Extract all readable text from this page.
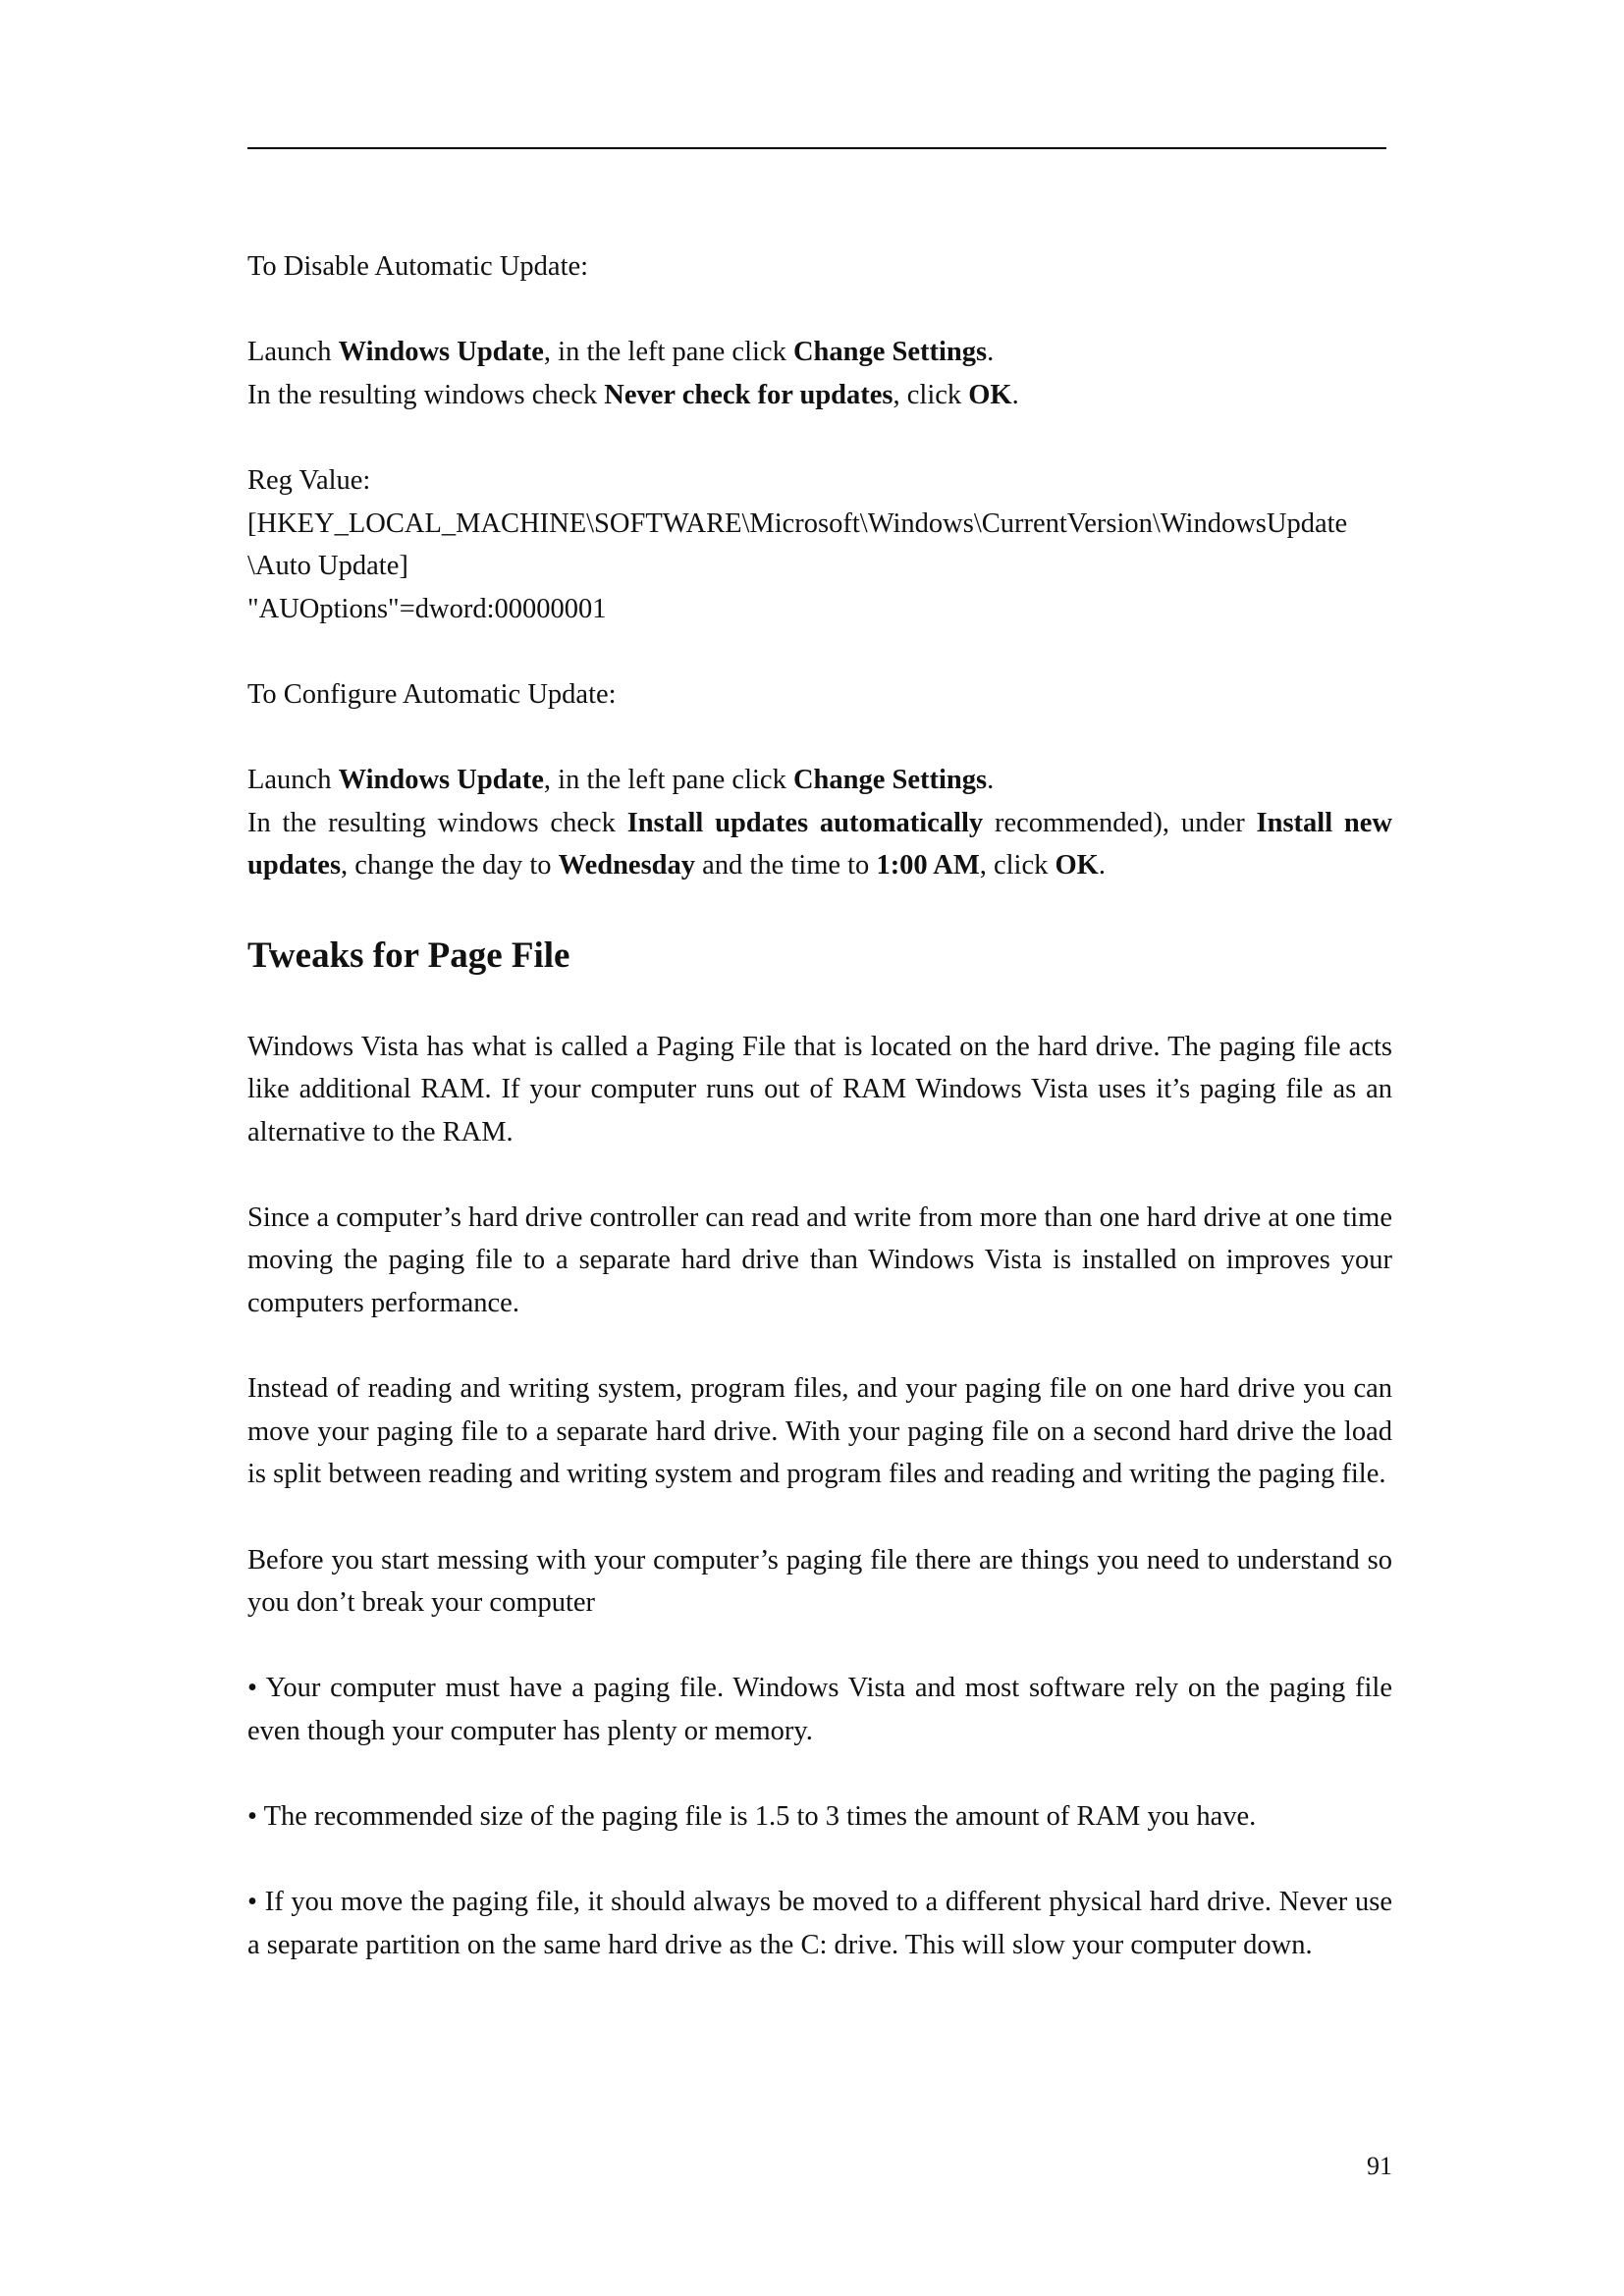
To Disable Automatic Update:

Launch Windows Update, in the left pane click Change Settings.
In the resulting windows check Never check for updates, click OK.

Reg Value:
[HKEY_LOCAL_MACHINE\SOFTWARE\Microsoft\Windows\CurrentVersion\WindowsUpdate
\Auto Update]
"AUOptions"=dword:00000001

To Configure Automatic Update:

Launch Windows Update, in the left pane click Change Settings.
In the resulting windows check Install updates automatically recommended), under Install new updates, change the day to Wednesday and the time to 1:00 AM, click OK.

Tweaks for Page File

Windows Vista has what is called a Paging File that is located on the hard drive. The paging file acts like additional RAM. If your computer runs out of RAM Windows Vista uses it’s paging file as an alternative to the RAM.

Since a computer’s hard drive controller can read and write from more than one hard drive at one time moving the paging file to a separate hard drive than Windows Vista is installed on improves your computers performance.

Instead of reading and writing system, program files, and your paging file on one hard drive you can move your paging file to a separate hard drive. With your paging file on a second hard drive the load is split between reading and writing system and program files and reading and writing the paging file.

Before you start messing with your computer’s paging file there are things you need to understand so you don’t break your computer

• Your computer must have a paging file. Windows Vista and most software rely on the paging file even though your computer has plenty or memory.

• The recommended size of the paging file is 1.5 to 3 times the amount of RAM you have.

• If you move the paging file, it should always be moved to a different physical hard drive. Never use a separate partition on the same hard drive as the C: drive. This will slow your computer down.

91
